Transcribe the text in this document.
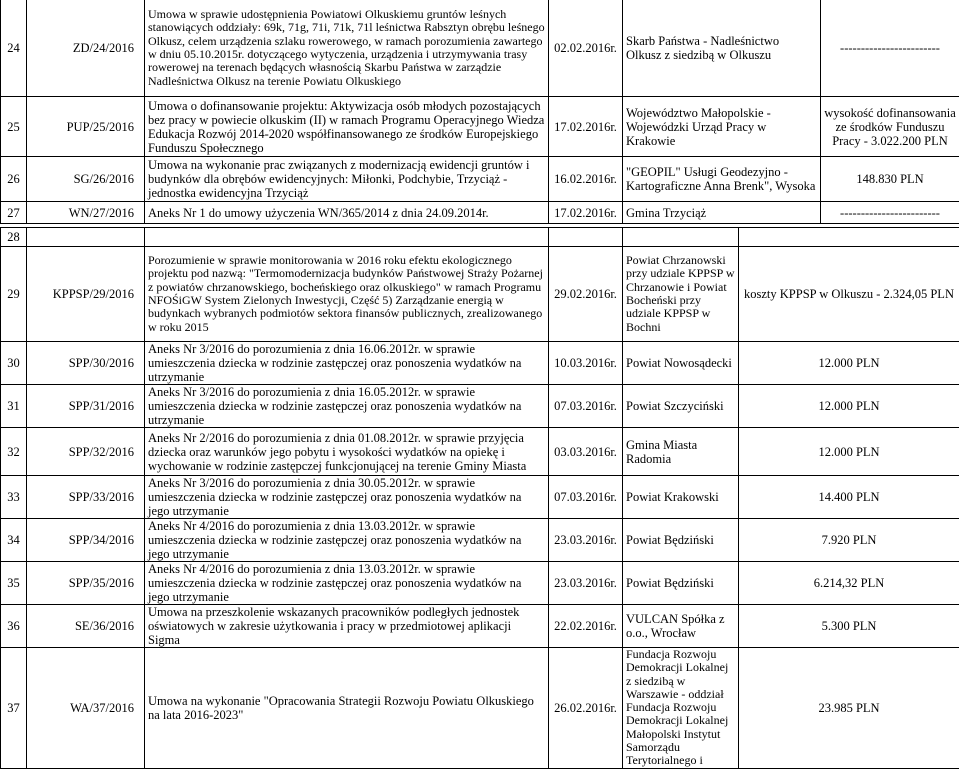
24	ZD/24/2016	Umowa w sprawie udostępnienia Powiatowi Olkuskiemu gruntów leśnych stanowiących oddziały: 69k, 71g, 71i, 71k, 71l leśnictwa Rabsztyn obrębu leśnego Olkusz, celem urządzenia szlaku rowerowego, w ramach porozumienia zawartego w dniu 05.10.2015r. dotyczącego wytyczenia, urządzenia i utrzymywania trasy rowerowej na terenach będących własnością Skarbu Państwa w zarządzie Nadleśnictwa Olkusz na terenie Powiatu Olkuskiego	02.02.2016r.	Skarb Państwa - Nadleśnictwo Olkusz z siedzibą w Olkuszu	------------------------
25	PUP/25/2016	Umowa o dofinansowanie projektu: Aktywizacja osób młodych pozostających bez pracy w powiecie olkuskim (II) w ramach Programu Operacyjnego Wiedza Edukacja Rozwój 2014-2020 współfinansowanego ze środków Europejskiego Funduszu Społecznego	17.02.2016r.	Województwo Małopolskie - Wojewódzki Urząd Pracy w Krakowie	wysokość dofinansowania ze środków Funduszu Pracy - 3.022.200 PLN
26	SG/26/2016	Umowa na wykonanie prac związanych z modernizacją ewidencji gruntów i budynków dla obrębów ewidencyjnych: Miłonki, Podchybie, Trzyciąż - jednostka ewidencyjna Trzyciąż	16.02.2016r.	"GEOPIL" Usługi Geodezyjno - Kartograficzne Anna Brenk", Wysoka	148.830 PLN
27	WN/27/2016	Aneks Nr 1 do umowy użyczenia WN/365/2014 z dnia 24.09.2014r.	17.02.2016r.	Gmina Trzyciąż	------------------------
28					
29	KPPSP/29/2016	Porozumienie w sprawie monitorowania w 2016 roku efektu ekologicznego projektu pod nazwą: "Termomodernizacja budynków Państwowej Straży Pożarnej z powiatów chrzanowskiego, bocheńskiego oraz olkuskiego" w ramach Programu NFOŚiGW System Zielonych Inwestycji, Część 5) Zarządzanie energią w budynkach wybranych podmiotów sektora finansów publicznych, zrealizowanego w roku 2015	29.02.2016r.	Powiat Chrzanowski przy udziale KPPSP w Chrzanowie i Powiat Bocheński przy udziale KPPSP w Bochni	koszty KPPSP w Olkuszu - 2.324,05 PLN
30	SPP/30/2016	Aneks Nr 3/2016 do porozumienia z dnia 16.06.2012r. w sprawie umieszczenia dziecka w rodzinie zastępczej oraz ponoszenia wydatków na utrzymanie	10.03.2016r.	Powiat Nowosądecki	12.000 PLN
31	SPP/31/2016	Aneks Nr 3/2016 do porozumienia z dnia 16.05.2012r. w sprawie umieszczenia dziecka w rodzinie zastępczej oraz ponoszenia wydatków na utrzymanie	07.03.2016r.	Powiat Szczyciński	12.000 PLN
32	SPP/32/2016	Aneks Nr 2/2016 do porozumienia z dnia 01.08.2012r. w sprawie przyjęcia dziecka oraz warunków jego pobytu i wysokości wydatków na opiekę i wychowanie w rodzinie zastępczej funkcjonującej na terenie Gminy Miasta	03.03.2016r.	Gmina Miasta Radomia	12.000 PLN
33	SPP/33/2016	Aneks Nr 3/2016 do porozumienia z dnia 30.05.2012r. w sprawie umieszczenia dziecka w rodzinie zastępczej oraz ponoszenia wydatków na jego utrzymanie	07.03.2016r.	Powiat Krakowski	14.400 PLN
34	SPP/34/2016	Aneks Nr 4/2016 do porozumienia z dnia 13.03.2012r. w sprawie umieszczenia dziecka w rodzinie zastępczej oraz ponoszenia wydatków na jego utrzymanie	23.03.2016r.	Powiat Będziński	7.920 PLN
35	SPP/35/2016	Aneks Nr 4/2016 do porozumienia z dnia 13.03.2012r. w sprawie umieszczenia dziecka w rodzinie zastępczej oraz ponoszenia wydatków na jego utrzymanie	23.03.2016r.	Powiat Będziński	6.214,32 PLN
36	SE/36/2016	Umowa na przeszkolenie wskazanych pracowników podległych jednostek oświatowych w zakresie użytkowania i pracy w przedmiotowej aplikacji Sigma	22.02.2016r.	VULCAN Spółka z o.o., Wrocław	5.300 PLN
37	WA/37/2016	Umowa na wykonanie "Opracowania Strategii Rozwoju Powiatu Olkuskiego na lata 2016-2023"	26.02.2016r.	Fundacja Rozwoju Demokracji Lokalnej z siedzibą w Warszawie - oddział Fundacja Rozwoju Demokracji Lokalnej Małopolski Instytut Samorządu Terytorialnego i	23.985 PLN
